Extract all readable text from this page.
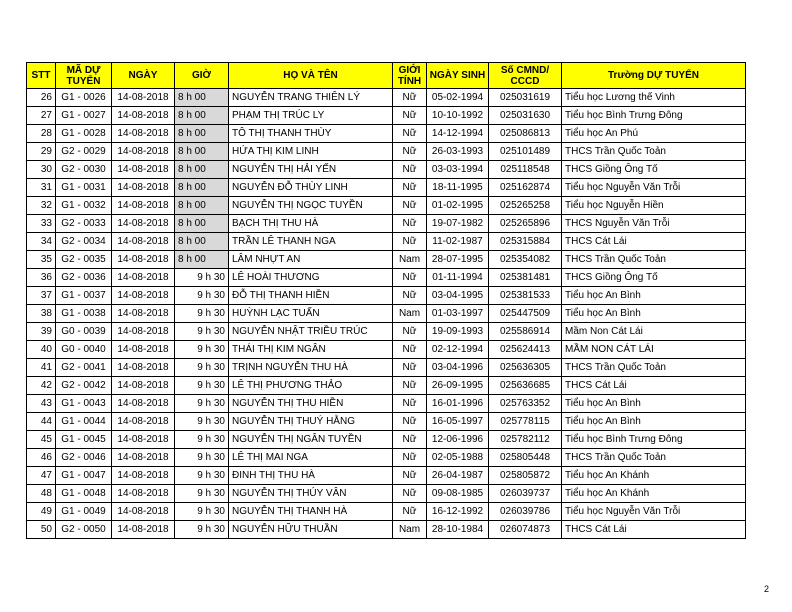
STT	MÃ DỰ TUYỂN	NGÀY	GIỜ	HỌ VÀ TÊN	GIỚI TÍNH	NGÀY SINH	Số CMND/ CCCD	Trường DỰ TUYỂN
26	G1 - 0026	14-08-2018	8 h 00	NGUYỄN TRANG THIÊN LÝ	Nữ	05-02-1994	025031619	Tiểu học Lương thế Vinh
27	G1 - 0027	14-08-2018	8 h 00	PHẠM THỊ TRÚC LY	Nữ	10-10-1992	025031630	Tiểu học Bình Trưng Đông
28	G1 - 0028	14-08-2018	8 h 00	TÔ THỊ THANH THÙY	Nữ	14-12-1994	025086813	Tiểu học An Phú
29	G2 - 0029	14-08-2018	8 h 00	HỨA THỊ KIM LINH	Nữ	26-03-1993	025101489	THCS Trần Quốc Toản
30	G2 - 0030	14-08-2018	8 h 00	NGUYỄN THỊ HẢI YẾN	Nữ	03-03-1994	025118548	THCS Giồng Ông Tố
31	G1 - 0031	14-08-2018	8 h 00	NGUYỄN ĐỖ THÙY LINH	Nữ	18-11-1995	025162874	Tiểu học Nguyễn Văn Trỗi
32	G1 - 0032	14-08-2018	8 h 00	NGUYỄN THỊ NGỌC TUYỀN	Nữ	01-02-1995	025265258	Tiểu học Nguyễn Hiền
33	G2 - 0033	14-08-2018	8 h 00	BẠCH THỊ THU HÀ	Nữ	19-07-1982	025265896	THCS Nguyễn Văn Trỗi
34	G2 - 0034	14-08-2018	8 h 00	TRẦN LÊ THANH NGA	Nữ	11-02-1987	025315884	THCS Cát Lái
35	G2 - 0035	14-08-2018	8 h 00	LÂM NHỰT AN	Nam	28-07-1995	025354082	THCS Trần Quốc Toản
36	G2 - 0036	14-08-2018	9 h 30	LÊ HOÀI THƯƠNG	Nữ	01-11-1994	025381481	THCS Giồng Ông Tố
37	G1 - 0037	14-08-2018	9 h 30	ĐỖ THỊ THANH HIỀN	Nữ	03-04-1995	025381533	Tiểu học An Bình
38	G1 - 0038	14-08-2018	9 h 30	HUỲNH LẠC TUẤN	Nam	01-03-1997	025447509	Tiểu học An Bình
39	G0 - 0039	14-08-2018	9 h 30	NGUYỄN NHẬT TRIỀU TRÚC	Nữ	19-09-1993	025586914	Mầm Non Cát Lái
40	G0 - 0040	14-08-2018	9 h 30	THÁI THỊ KIM NGÂN	Nữ	02-12-1994	025624413	MẦM NON CÁT LÁI
41	G2 - 0041	14-08-2018	9 h 30	TRỊNH NGUYỄN THU HÀ	Nữ	03-04-1996	025636305	THCS Trần Quốc Toản
42	G2 - 0042	14-08-2018	9 h 30	LÊ THỊ PHƯƠNG THẢO	Nữ	26-09-1995	025636685	THCS Cát Lái
43	G1 - 0043	14-08-2018	9 h 30	NGUYỄN THỊ THU HIỀN	Nữ	16-01-1996	025763352	Tiểu học An Bình
44	G1 - 0044	14-08-2018	9 h 30	NGUYỄN THỊ THUÝ HẰNG	Nữ	16-05-1997	025778115	Tiểu học An Bình
45	G1 - 0045	14-08-2018	9 h 30	NGUYỄN THỊ NGÂN TUYỀN	Nữ	12-06-1996	025782112	Tiểu học Bình Trưng Đông
46	G2 - 0046	14-08-2018	9 h 30	LÊ THỊ MAI NGA	Nữ	02-05-1988	025805448	THCS Trần Quốc Toản
47	G1 - 0047	14-08-2018	9 h 30	ĐINH THỊ THU HÀ	Nữ	26-04-1987	025805872	Tiểu học An Khánh
48	G1 - 0048	14-08-2018	9 h 30	NGUYỄN THỊ THÚY VÂN	Nữ	09-08-1985	026039737	Tiểu học An Khánh
49	G1 - 0049	14-08-2018	9 h 30	NGUYỄN THỊ THANH HÀ	Nữ	16-12-1992	026039786	Tiểu học Nguyễn Văn Trỗi
50	G2 - 0050	14-08-2018	9 h 30	NGUYỄN HỮU THUẦN	Nam	28-10-1984	026074873	THCS Cát Lái
2
